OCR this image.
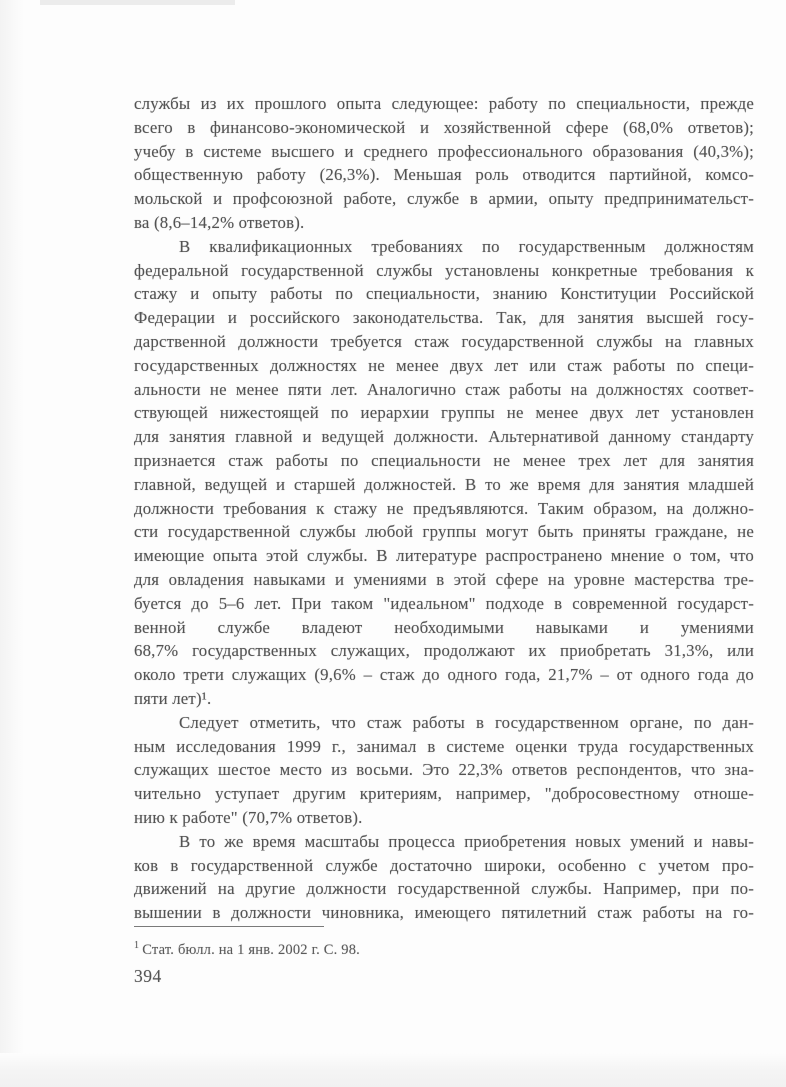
службы из их прошлого опыта следующее: работу по специальности, прежде
всего в финансово-экономической и хозяйственной сфере (68,0% ответов);
учебу в системе высшего и среднего профессионального образования (40,3%);
общественную работу (26,3%). Меньшая роль отводится партийной, комсо-
мольской и профсоюзной работе, службе в армии, опыту предпринимательст-
ва (8,6–14,2% ответов).
В квалификационных требованиях по государственным должностям
федеральной государственной службы установлены конкретные требования к
стажу и опыту работы по специальности, знанию Конституции Российской
Федерации и российского законодательства. Так, для занятия высшей госу-
дарственной должности требуется стаж государственной службы на главных
государственных должностях не менее двух лет или стаж работы по специ-
альности не менее пяти лет. Аналогично стаж работы на должностях соответ-
ствующей нижестоящей по иерархии группы не менее двух лет установлен
для занятия главной и ведущей должности. Альтернативой данному стандарту
признается стаж работы по специальности не менее трех лет для занятия
главной, ведущей и старшей должностей. В то же время для занятия младшей
должности требования к стажу не предъявляются. Таким образом, на должно-
сти государственной службы любой группы могут быть приняты граждане, не
имеющие опыта этой службы. В литературе распространено мнение о том, что
для овладения навыками и умениями в этой сфере на уровне мастерства тре-
буется до 5–6 лет. При таком "идеальном" подходе в современной государст-
венной службе владеют необходимыми навыками и умениями
68,7% государственных служащих, продолжают их приобретать 31,3%, или
около трети служащих (9,6% – стаж до одного года, 21,7% – от одного года до
пяти лет)¹.
Следует отметить, что стаж работы в государственном органе, по дан-
ным исследования 1999 г., занимал в системе оценки труда государственных
служащих шестое место из восьми. Это 22,3% ответов респондентов, что зна-
чительно уступает другим критериям, например, "добросовестному отноше-
нию к работе" (70,7% ответов).
В то же время масштабы процесса приобретения новых умений и навы-
ков в государственной службе достаточно широки, особенно с учетом про-
движений на другие должности государственной службы. Например, при по-
вышении в должности чиновника, имеющего пятилетний стаж работы на го-
$^1$ Стат. бюлл. на 1 янв. 2002 г. С. 98.
394
